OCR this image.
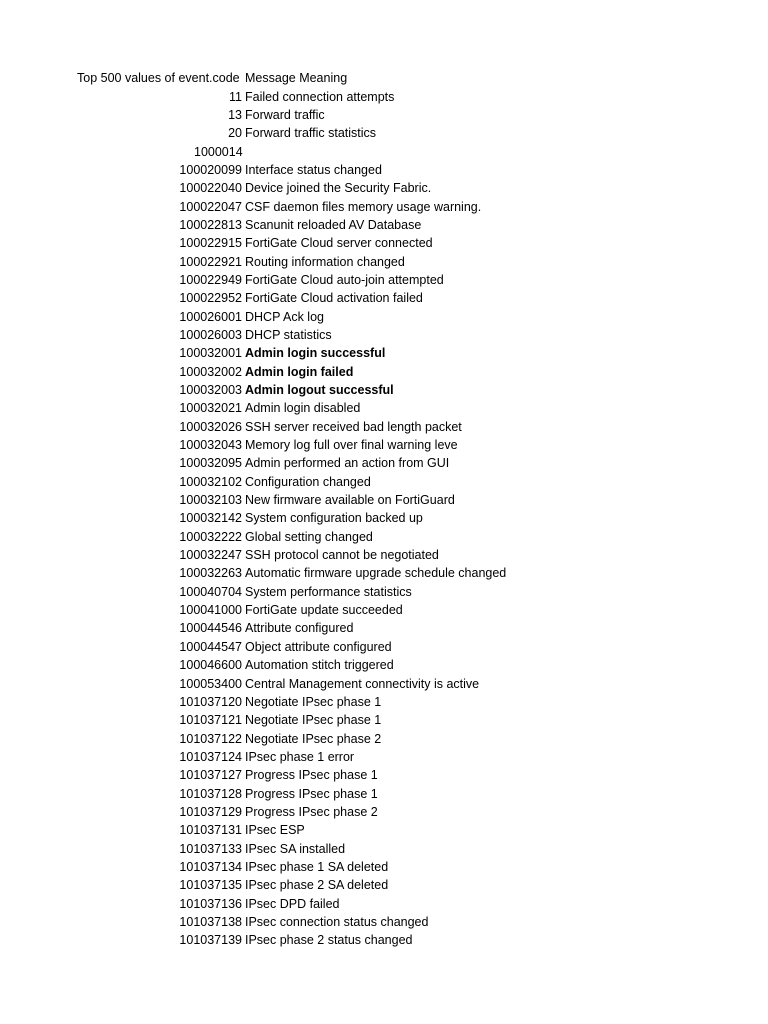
Top 500 values of event.code Message Meaning
11 Failed connection attempts
13 Forward traffic
20 Forward traffic statistics
1000014
100020099 Interface status changed
100022040 Device joined the Security Fabric.
100022047 CSF daemon files memory usage warning.
100022813 Scanunit reloaded AV Database
100022915 FortiGate Cloud server connected
100022921 Routing information changed
100022949 FortiGate Cloud auto-join attempted
100022952 FortiGate Cloud activation failed
100026001 DHCP Ack log
100026003 DHCP statistics
100032001 Admin login successful
100032002 Admin login failed
100032003 Admin logout successful
100032021 Admin login disabled
100032026 SSH server received bad length packet
100032043 Memory log full over final warning leve
100032095 Admin performed an action from GUI
100032102 Configuration changed
100032103 New firmware available on FortiGuard
100032142 System configuration backed up
100032222 Global setting changed
100032247 SSH protocol cannot be negotiated
100032263 Automatic firmware upgrade schedule changed
100040704 System performance statistics
100041000 FortiGate update succeeded
100044546 Attribute configured
100044547 Object attribute configured
100046600 Automation stitch triggered
100053400 Central Management connectivity is active
101037120 Negotiate IPsec phase 1
101037121 Negotiate IPsec phase 1
101037122 Negotiate IPsec phase 2
101037124 IPsec phase 1 error
101037127 Progress IPsec phase 1
101037128 Progress IPsec phase 1
101037129 Progress IPsec phase 2
101037131 IPsec ESP
101037133 IPsec SA installed
101037134 IPsec phase 1 SA deleted
101037135 IPsec phase 2 SA deleted
101037136 IPsec DPD failed
101037138 IPsec connection status changed
101037139 IPsec phase 2 status changed
